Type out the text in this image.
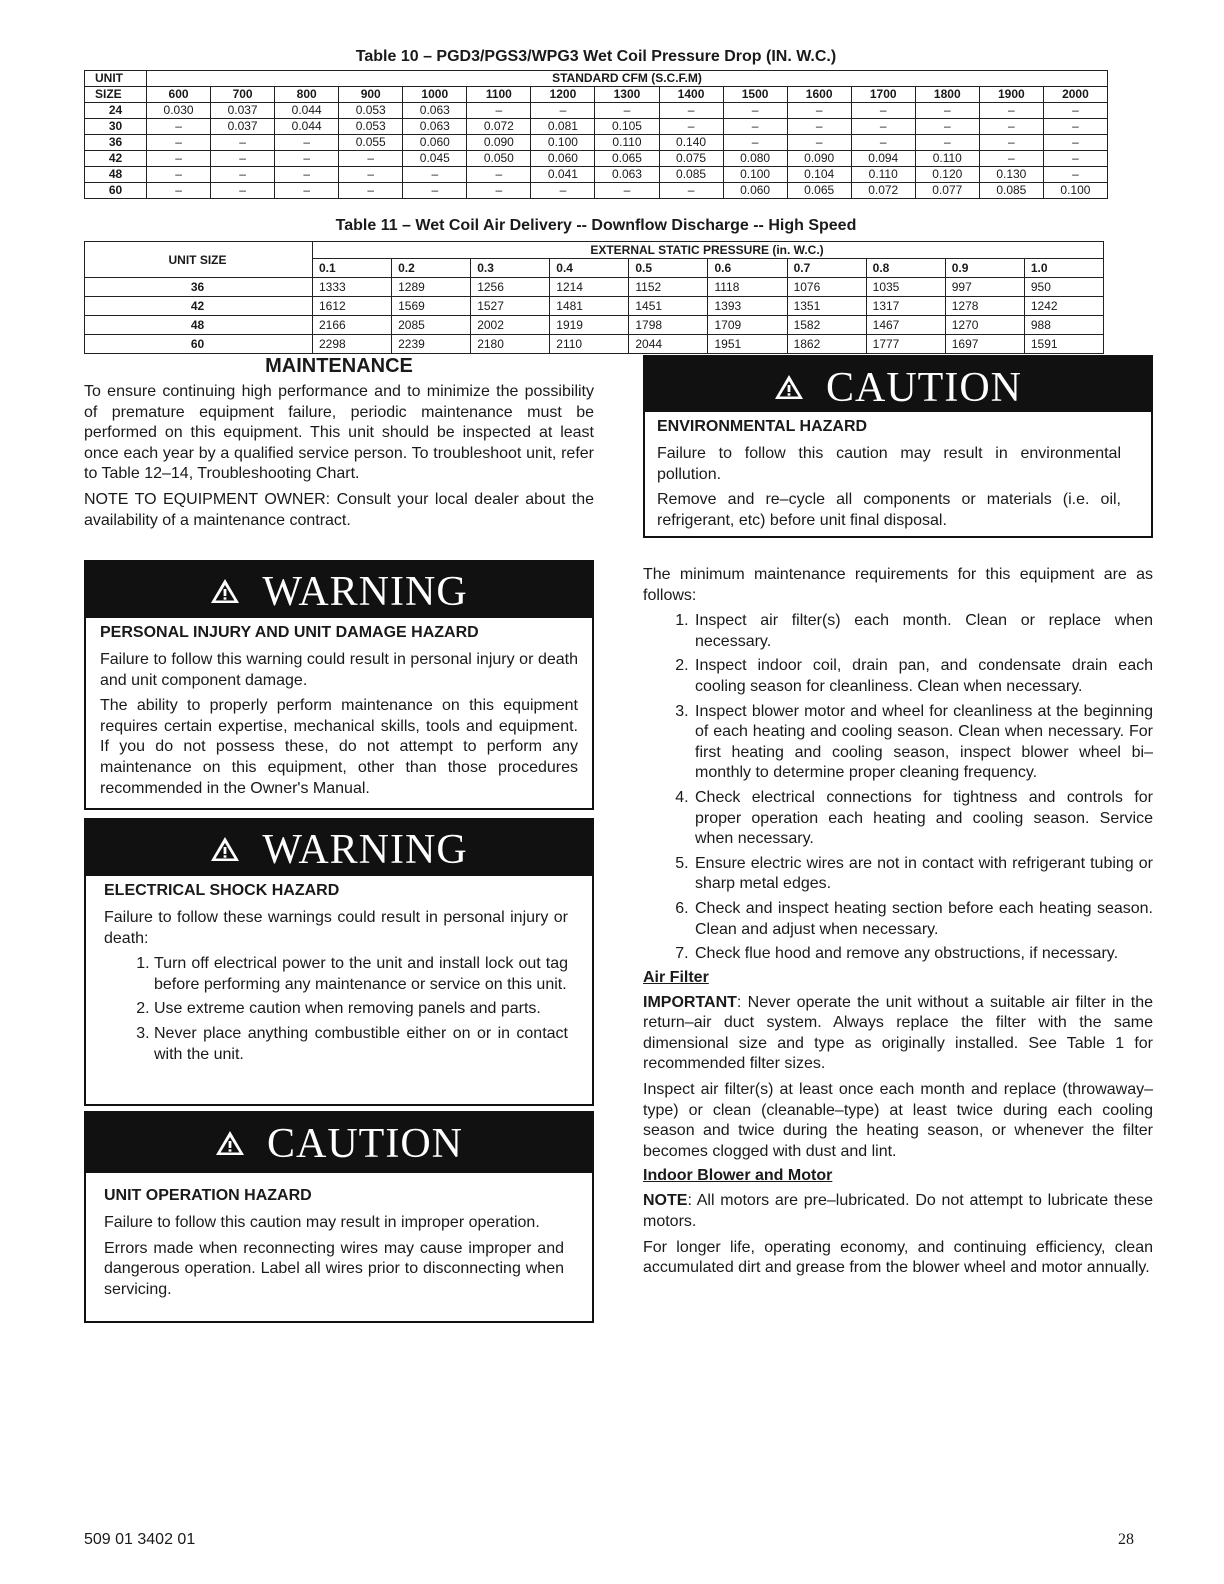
Table 10 – PGD3/PGS3/WPG3 Wet Coil Pressure Drop (IN. W.C.)
UNIT	STANDARD CFM (S.C.F.M)														
SIZE	600	700	800	900	1000	1100	1200	1300	1400	1500	1600	1700	1800	1900	2000
24	0.030	0.037	0.044	0.053	0.063	–	–	–	–	–	–	–	–	–	–
30	–	0.037	0.044	0.053	0.063	0.072	0.081	0.105	–	–	–	–	–	–	–
36	–	–	–	0.055	0.060	0.090	0.100	0.110	0.140	–	–	–	–	–	–
42	–	–	–	–	0.045	0.050	0.060	0.065	0.075	0.080	0.090	0.094	0.110	–	–
48	–	–	–	–	–	–	0.041	0.063	0.085	0.100	0.104	0.110	0.120	0.130	–
60	–	–	–	–	–	–	–	–	–	0.060	0.065	0.072	0.077	0.085	0.100
Table 11 – Wet Coil Air Delivery -- Downflow Discharge -- High Speed
UNIT SIZE	EXTERNAL STATIC PRESSURE (in. W.C.)									
	0.1	0.2	0.3	0.4	0.5	0.6	0.7	0.8	0.9	1.0
36	1333	1289	1256	1214	1152	1118	1076	1035	997	950
42	1612	1569	1527	1481	1451	1393	1351	1317	1278	1242
48	2166	2085	2002	1919	1798	1709	1582	1467	1270	988
60	2298	2239	2180	2110	2044	1951	1862	1777	1697	1591
MAINTENANCE

To ensure continuing high performance and to minimize the possibility of premature equipment failure, periodic maintenance must be performed on this equipment. This unit should be inspected at least once each year by a qualified service person. To troubleshoot unit, refer to Table 12–14, Troubleshooting Chart.

NOTE TO EQUIPMENT OWNER: Consult your local dealer about the availability of a maintenance contract.

WARNING
PERSONAL INJURY AND UNIT DAMAGE HAZARD

Failure to follow this warning could result in personal injury or death and unit component damage.

The ability to properly perform maintenance on this equipment requires certain expertise, mechanical skills, tools and equipment. If you do not possess these, do not attempt to perform any maintenance on this equipment, other than those procedures recommended in the Owner's Manual.

WARNING
ELECTRICAL SHOCK HAZARD

Failure to follow these warnings could result in personal injury or death:

1. Turn off electrical power to the unit and install lock out tag before performing any maintenance or service on this unit.
2. Use extreme caution when removing panels and parts.
3. Never place anything combustible either on or in contact with the unit.
CAUTION
UNIT OPERATION HAZARD

Failure to follow this caution may result in improper operation.

Errors made when reconnecting wires may cause improper and dangerous operation. Label all wires prior to disconnecting when servicing.

CAUTION
ENVIRONMENTAL HAZARD

Failure to follow this caution may result in environmental pollution.

Remove and re–cycle all components or materials (i.e. oil, refrigerant, etc) before unit final disposal.

The minimum maintenance requirements for this equipment are as follows:

1. Inspect air filter(s) each month. Clean or replace when necessary.
2. Inspect indoor coil, drain pan, and condensate drain each cooling season for cleanliness. Clean when necessary.
3. Inspect blower motor and wheel for cleanliness at the beginning of each heating and cooling season. Clean when necessary. For first heating and cooling season, inspect blower wheel bi–monthly to determine proper cleaning frequency.
4. Check electrical connections for tightness and controls for proper operation each heating and cooling season. Service when necessary.
5. Ensure electric wires are not in contact with refrigerant tubing or sharp metal edges.
6. Check and inspect heating section before each heating season. Clean and adjust when necessary.
7. Check flue hood and remove any obstructions, if necessary.
Air Filter

IMPORTANT: Never operate the unit without a suitable air filter in the return–air duct system. Always replace the filter with the same dimensional size and type as originally installed. See Table 1 for recommended filter sizes.

Inspect air filter(s) at least once each month and replace (throwaway–type) or clean (cleanable–type) at least twice during each cooling season and twice during the heating season, or whenever the filter becomes clogged with dust and lint.

Indoor Blower and Motor

NOTE: All motors are pre–lubricated. Do not attempt to lubricate these motors.

For longer life, operating economy, and continuing efficiency, clean accumulated dirt and grease from the blower wheel and motor annually.

509 01 3402 01	28
